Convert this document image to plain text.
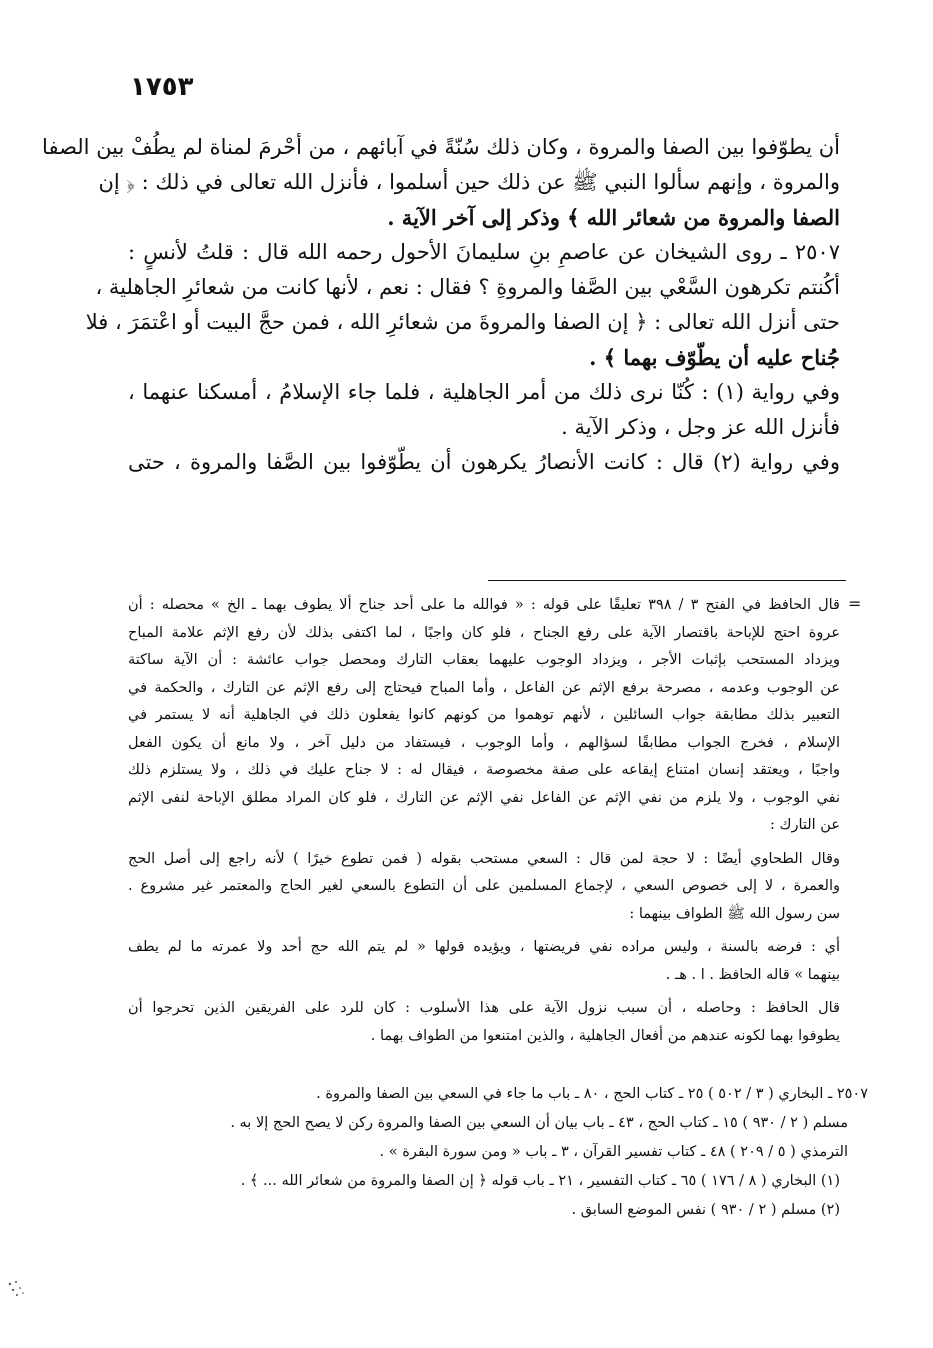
١٧٥٣
أن يطوّفوا بين الصفا والمروة ، وكان ذلك سُنّةً في آبائهم ، من أحْرمَ لمناة لم يطُفْ بين الصفا
والمروة ، وإنهم سألوا النبي ﷺ عن ذلك حين أسلموا ، فأنزل الله تعالى في ذلك : ﴿ إن
الصفا والمروة من شعائر الله ﴾ وذكر إلى آخر الآية .
٢٥٠٧ ـ روى الشيخان عن عاصمِ بنِ سليمانَ الأحول رحمه الله قال : قلتُ لأنسٍ :
أكُنتم تكرهون السَّعْي بين الصَّفا والمروةِ ؟ فقال : نعم ، لأنها كانت من شعائرِ الجاهلية ،
حتى أنزل الله تعالى : ﴿ إن الصفا والمروةَ من شعائرِ الله ، فمن حجَّ البيت أو اعْتمَرَ ، فلا
جُناح عليه أن يطّوّف بهما ﴾ .
وفي رواية (١) : كُنّا نرى ذلك من أمر الجاهلية ، فلما جاء الإسلامُ ، أمسكنا عنهما ،
فأنزل الله عز وجل ، وذكر الآية .
وفي رواية (٢) قال : كانت الأنصارُ يكرهون أن يطّوّفوا بين الصَّفا والمروة ، حتى
=
قال الحافظ في الفتح ٣ / ٣٩٨ تعليقًا على قوله : « فوالله ما على أحد جناح ألا يطوف بهما ـ الخ » محصله : أن
عروة احتج للإباحة باقتصار الآية على رفع الجناح ، فلو كان واجبًا ، لما اكتفى بذلك لأن رفع الإثم علامة المباح
ويزداد المستحب بإثبات الأجر ، ويزداد الوجوب عليهما بعقاب التارك ومحصل جواب عائشة : أن الآية ساكتة
عن الوجوب وعدمه ، مصرحة برفع الإثم عن الفاعل ، وأما المباح فيحتاج إلى رفع الإثم عن التارك ، والحكمة في
التعبير بذلك مطابقة جواب السائلين ، لأنهم توهموا من كونهم كانوا يفعلون ذلك في الجاهلية أنه لا يستمر في
الإسلام ، فخرج الجواب مطابقًا لسؤالهم ، وأما الوجوب ، فيستفاد من دليل آخر ، ولا مانع أن يكون الفعل
واجبًا ، ويعتقد إنسان امتناع إيقاعه على صفة مخصوصة ، فيقال له : لا جناح عليك في ذلك ، ولا يستلزم ذلك
نفي الوجوب ، ولا يلزم من نفي الإثم عن الفاعل نفي الإثم عن التارك ، فلو كان المراد مطلق الإباحة لنفى الإثم
عن التارك :
وقال الطحاوي أيضًا : لا حجة لمن قال : السعي مستحب بقوله ( فمن تطوع خيرًا ) لأنه راجع إلى أصل الحج
والعمرة ، لا إلى خصوص السعي ، لإجماع المسلمين على أن التطوع بالسعي لغير الحاج والمعتمر غير مشروع .
سن رسول الله ﷺ الطواف بينهما :
أي : فرضه بالسنة ، وليس مراده نفي فريضتها ، ويؤيده قولها « لم يتم الله حج أحد ولا عمرته ما لم يطف
بينهما » قاله الحافظ . ا . هـ .
قال الحافظ : وحاصله ، أن سبب نزول الآية على هذا الأسلوب : كان للرد على الفريقين الذين تحرجوا أن
يطوفوا بهما لكونه عندهم من أفعال الجاهلية ، والذين امتنعوا من الطواف بهما .
٢٥٠٧ ـ البخاري ( ٣ / ٥٠٢ ) ٢٥ ـ كتاب الحج ، ٨٠ ـ باب ما جاء في السعي بين الصفا والمروة .
مسلم ( ٢ / ٩٣٠ ) ١٥ ـ كتاب الحج ، ٤٣ ـ باب بيان أن السعي بين الصفا والمروة ركن لا يصح الحج إلا به .
الترمذي ( ٥ / ٢٠٩ ) ٤٨ ـ كتاب تفسير القرآن ، ٣ ـ باب « ومن سورة البقرة » .
(١) البخاري ( ٨ / ١٧٦ ) ٦٥ ـ كتاب التفسير ، ٢١ ـ باب قوله ﴿ إن الصفا والمروة من شعائر الله ... ﴾ .
(٢) مسلم ( ٢ / ٩٣٠ ) نفس الموضع السابق .
